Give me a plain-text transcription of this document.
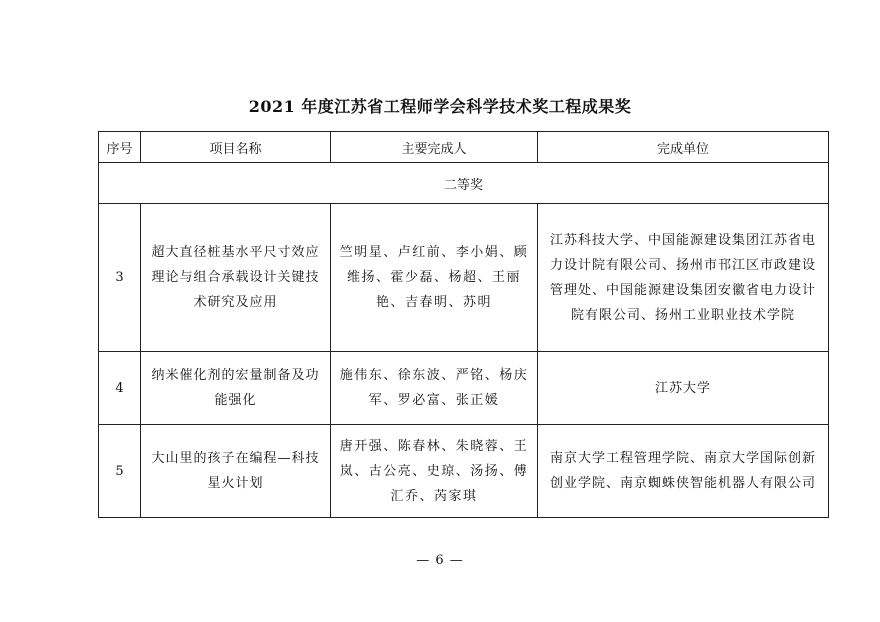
2021 年度江苏省工程师学会科学技术奖工程成果奖
序号	项目名称	主要完成人	完成单位
二等奖			
3	超大直径桩基水平尺寸效应理论与组合承载设计关键技术研究及应用	竺明星、卢红前、李小娟、顾维扬、霍少磊、杨超、王丽艳、吉春明、苏明	江苏科技大学、中国能源建设集团江苏省电力设计院有限公司、扬州市邗江区市政建设管理处、中国能源建设集团安徽省电力设计院有限公司、扬州工业职业技术学院

4	纳米催化剂的宏量制备及功能强化	施伟东、徐东波、严铭、杨庆军、罗必富、张正媛	江苏大学

5	大山里的孩子在编程—科技星火计划	唐开强、陈春林、朱晓蓉、王岚、古公亮、史琼、汤扬、傅汇乔、芮家琪	南京大学工程管理学院、南京大学国际创新创业学院、南京蜘蛛侠智能机器人有限公司
— 6 —
